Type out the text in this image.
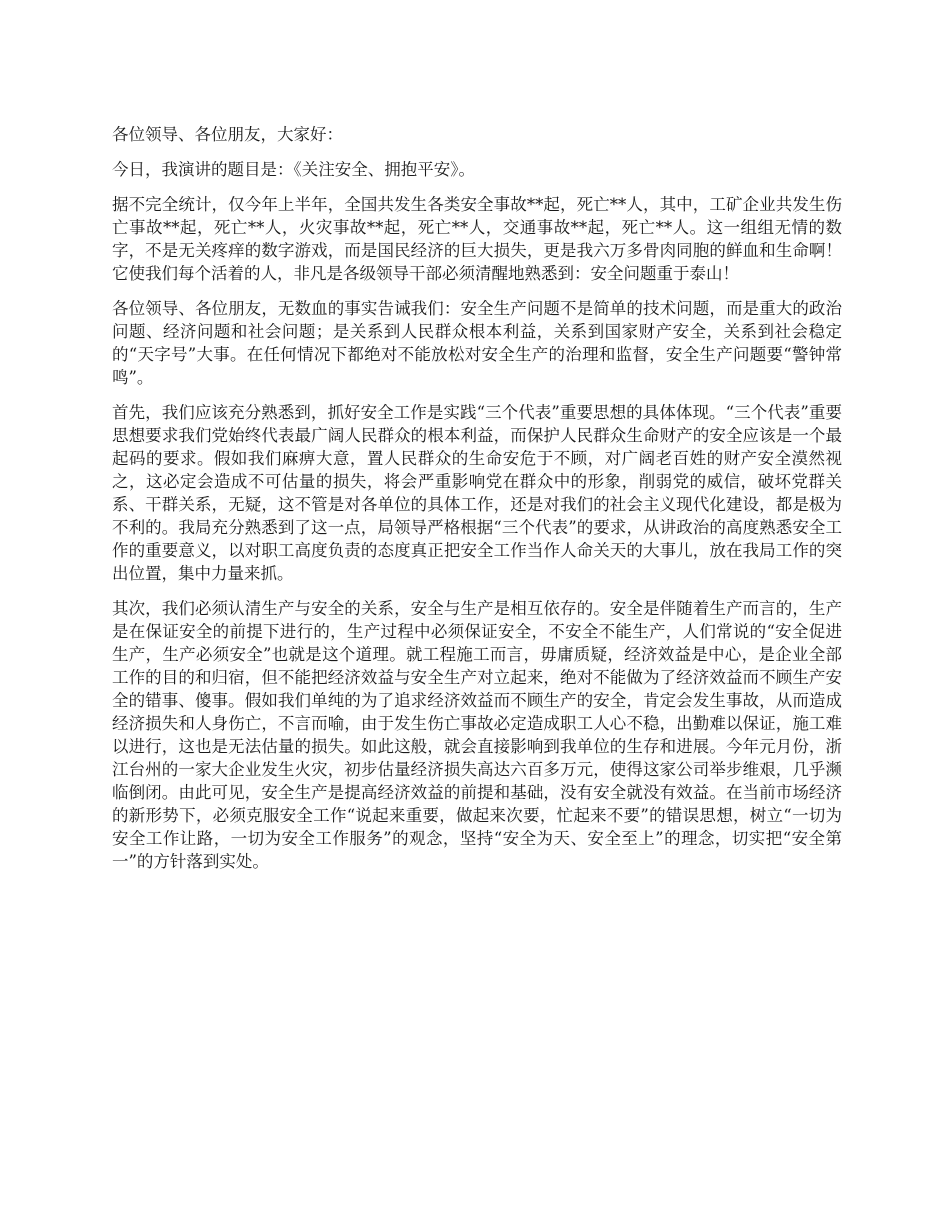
各位领导、各位朋友，大家好：

今日，我演讲的题目是：《关注安全、拥抱平安》。

据不完全统计，仅今年上半年，全国共发生各类安全事故**起，死亡**人，其中，工矿企业共发生伤亡事故**起，死亡**人，火灾事故**起，死亡**人，交通事故**起，死亡**人。这一组组无情的数字，不是无关疼痒的数字游戏，而是国民经济的巨大损失，更是我六万多骨肉同胞的鲜血和生命啊！它使我们每个活着的人，非凡是各级领导干部必须清醒地熟悉到：安全问题重于泰山！

各位领导、各位朋友，无数血的事实告诫我们：安全生产问题不是简单的技术问题，而是重大的政治问题、经济问题和社会问题；是关系到人民群众根本利益，关系到国家财产安全，关系到社会稳定的“天字号”大事。在任何情况下都绝对不能放松对安全生产的治理和监督，安全生产问题要“警钟常鸣”。

首先，我们应该充分熟悉到，抓好安全工作是实践“三个代表”重要思想的具体体现。“三个代表”重要思想要求我们党始终代表最广阔人民群众的根本利益，而保护人民群众生命财产的安全应该是一个最起码的要求。假如我们麻痹大意，置人民群众的生命安危于不顾，对广阔老百姓的财产安全漠然视之，这必定会造成不可估量的损失，将会严重影响党在群众中的形象，削弱党的威信，破坏党群关系、干群关系，无疑，这不管是对各单位的具体工作，还是对我们的社会主义现代化建设，都是极为不利的。我局充分熟悉到了这一点，局领导严格根据“三个代表”的要求，从讲政治的高度熟悉安全工作的重要意义，以对职工高度负责的态度真正把安全工作当作人命关天的大事儿，放在我局工作的突出位置，集中力量来抓。

其次，我们必须认清生产与安全的关系，安全与生产是相互依存的。安全是伴随着生产而言的，生产是在保证安全的前提下进行的，生产过程中必须保证安全，不安全不能生产，人们常说的“安全促进生产，生产必须安全”也就是这个道理。就工程施工而言，毋庸质疑，经济效益是中心，是企业全部工作的目的和归宿，但不能把经济效益与安全生产对立起来，绝对不能做为了经济效益而不顾生产安全的错事、傻事。假如我们单纯的为了追求经济效益而不顾生产的安全，肯定会发生事故，从而造成经济损失和人身伤亡，不言而喻，由于发生伤亡事故必定造成职工人心不稳，出勤难以保证，施工难以进行，这也是无法估量的损失。如此这般，就会直接影响到我单位的生存和进展。今年元月份，浙江台州的一家大企业发生火灾，初步估量经济损失高达六百多万元，使得这家公司举步维艰，几乎濒临倒闭。由此可见，安全生产是提高经济效益的前提和基础，没有安全就没有效益。在当前市场经济的新形势下，必须克服安全工作“说起来重要，做起来次要，忙起来不要”的错误思想，树立“一切为安全工作让路，一切为安全工作服务”的观念，坚持“安全为天、安全至上”的理念，切实把“安全第一”的方针落到实处。
